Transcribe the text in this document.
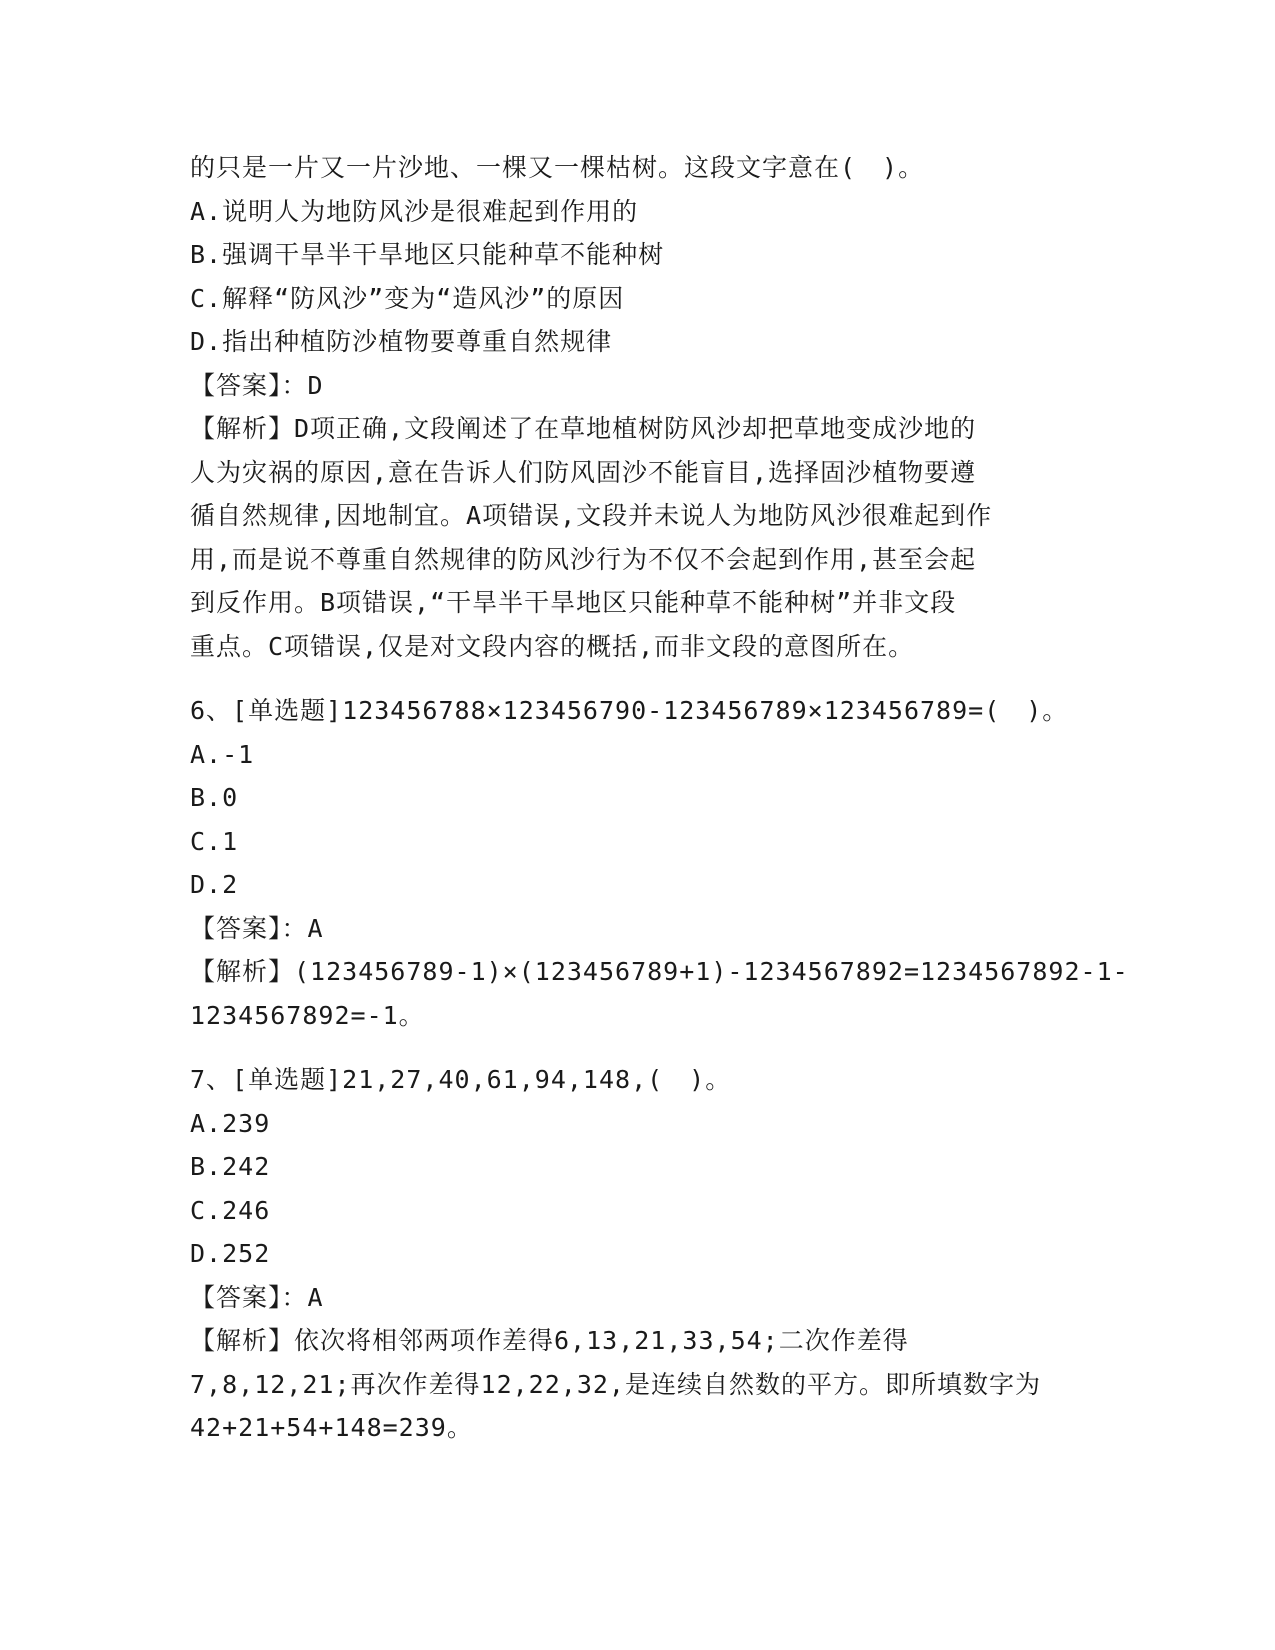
的只是一片又一片沙地、一棵又一棵枯树。这段文字意在(　)。
A.说明人为地防风沙是很难起到作用的
B.强调干旱半干旱地区只能种草不能种树
C.解释“防风沙”变为“造风沙”的原因
D.指出种植防沙植物要尊重自然规律
【答案】：D
【解析】D项正确,文段阐述了在草地植树防风沙却把草地变成沙地的
人为灾祸的原因,意在告诉人们防风固沙不能盲目,选择固沙植物要遵
循自然规律,因地制宜。A项错误,文段并未说人为地防风沙很难起到作
用,而是说不尊重自然规律的防风沙行为不仅不会起到作用,甚至会起
到反作用。B项错误,“干旱半干旱地区只能种草不能种树”并非文段
重点。C项错误,仅是对文段内容的概括,而非文段的意图所在。
6、[单选题]123456788×123456790-123456789×123456789=(　)。
A.-1
B.0
C.1
D.2
【答案】：A
【解析】(123456789-1)×(123456789+1)-1234567892=1234567892-1-
1234567892=-1。
7、[单选题]21,27,40,61,94,148,(　)。
A.239
B.242
C.246
D.252
【答案】：A
【解析】依次将相邻两项作差得6,13,21,33,54;二次作差得
7,8,12,21;再次作差得12,22,32,是连续自然数的平方。即所填数字为
42+21+54+148=239。
